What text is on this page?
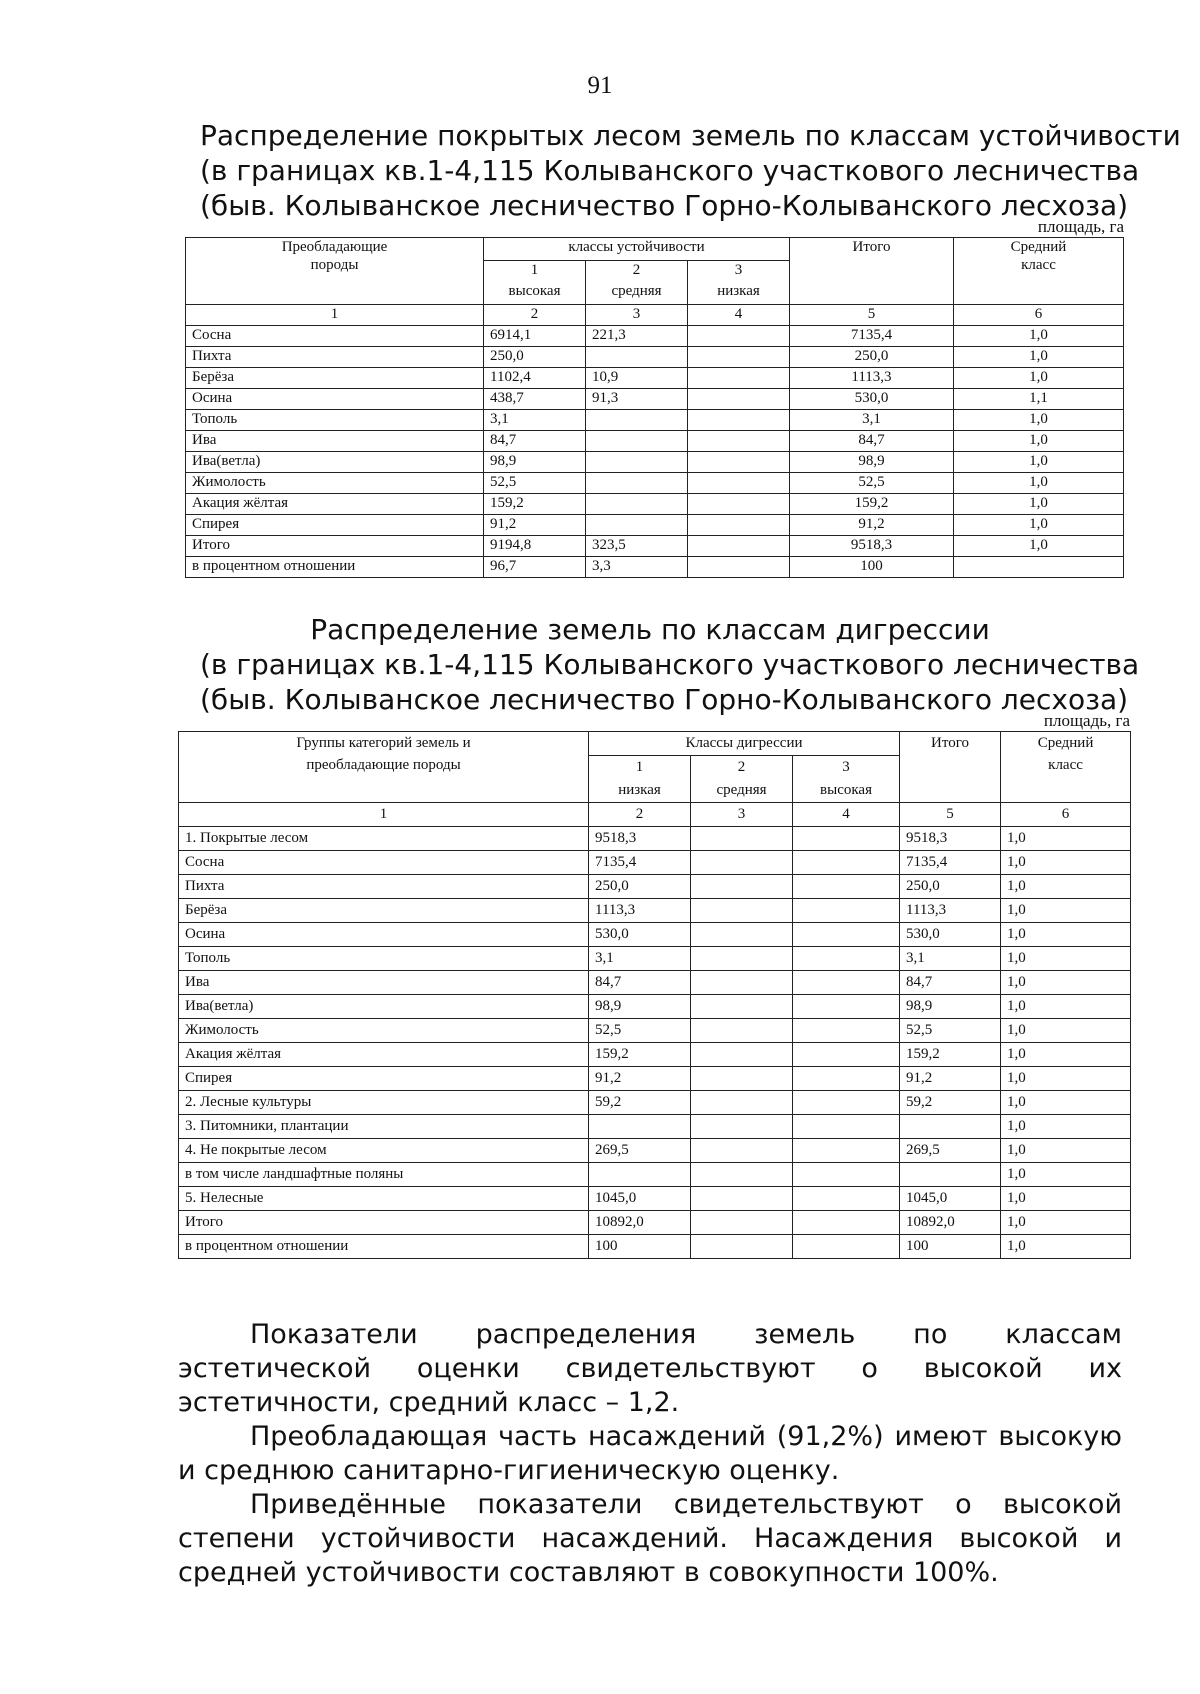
91
Распределение покрытых лесом земель по классам устойчивости
(в границах кв.1-4,115 Колыванского участкового лесничества
(быв. Колыванское лесничество Горно-Колыванского лесхоза)
площадь, га
Преобладающие
породы	классы устойчивости			Итого	Средний
класс
	1	2	3		
	высокая	средняя	низкая		
1	2	3	4	5	6
Сосна	6914,1	221,3		7135,4	1,0
Пихта	250,0			250,0	1,0
Берёза	1102,4	10,9		1113,3	1,0
Осина	438,7	91,3		530,0	1,1
Тополь	3,1			3,1	1,0
Ива	84,7			84,7	1,0
Ива(ветла)	98,9			98,9	1,0
Жимолость	52,5			52,5	1,0
Акация жёлтая	159,2			159,2	1,0
Спирея	91,2			91,2	1,0
Итого	9194,8	323,5		9518,3	1,0
в процентном отношении	96,7	3,3		100	
Распределение земель по классам дигрессии
(в границах кв.1-4,115 Колыванского участкового лесничества
(быв. Колыванское лесничество Горно-Колыванского лесхоза)
площадь, га
Группы категорий земель и
преобладающие породы	Классы дигрессии			Итого	Средний
класс
	1	2	3		
	низкая	средняя	высокая		
1	2	3	4	5	6
1. Покрытые лесом	9518,3			9518,3	1,0
Сосна	7135,4			7135,4	1,0
Пихта	250,0			250,0	1,0
Берёза	1113,3			1113,3	1,0
Осина	530,0			530,0	1,0
Тополь	3,1			3,1	1,0
Ива	84,7			84,7	1,0
Ива(ветла)	98,9			98,9	1,0
Жимолость	52,5			52,5	1,0
Акация жёлтая	159,2			159,2	1,0
Спирея	91,2			91,2	1,0
2. Лесные культуры	59,2			59,2	1,0
3. Питомники, плантации					1,0
4. Не покрытые лесом	269,5			269,5	1,0
в том числе ландшафтные поляны					1,0
5. Нелесные	1045,0			1045,0	1,0
Итого	10892,0			10892,0	1,0
в процентном отношении	100			100	1,0

Показатели распределения земель по классам эстетической оценки свидетельствуют о высокой их эстетичности, средний класс – 1,2.

Преобладающая часть насаждений (91,2%) имеют высокую и среднюю санитарно-гигиеническую оценку.

Приведённые показатели свидетельствуют о высокой степени устойчивости насаждений. Насаждения высокой и средней устойчивости составляют в совокупности 100%.
